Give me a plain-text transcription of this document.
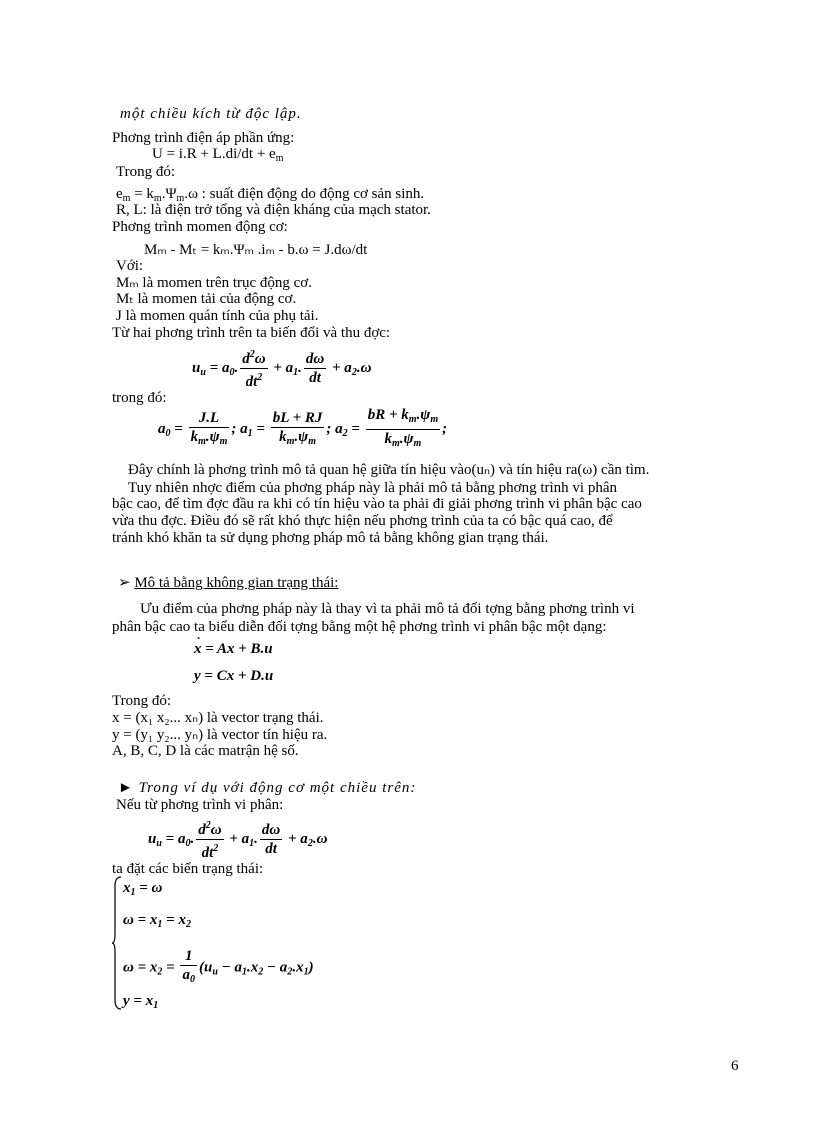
một chiều kích từ độc lập.
Phơng trình điện áp phần ứng:
$U = i.R + L.di/dt + e_m$
Trong đó:
$e_m = k_m.\Psi_m.\omega$ : suất điện động do động cơ sản sinh.
R, L: là điện trở tổng và điện kháng của mạch stator.
Phơng trình momen động cơ:
Mₘ - Mₜ = kₘ.Ψₘ .iₘ - b.ω = J.dω/dt
Với:
Mₘ là momen trên trục động cơ.
Mₜ là momen tải của động cơ.
J là momen quán tính của phụ tải.
Từ hai phơng trình trên ta biến đổi và thu đợc:
$u_u = a_0$. $\frac{d^2\omega}{dt^2} + a_1$. $\frac{d\omega}{dt} + a_2.\omega$
trong đó:
$a_0 = \frac{J.L}{k_m.\psi_m}$ ; $a_1 = \frac{bL + RJ}{k_m.\psi_m}$ ; $a_2 = \frac{bR + k_m.\psi_m}{k_m.\psi_m}$ ;
Đây chính là phơng trình mô tả quan hệ giữa tín hiệu vào(uₙ) và tín hiệu ra(ω) cần tìm.
Tuy nhiên nhợc điểm của phơng pháp này là phải mô tả bằng phơng trình vi phân
bậc cao, để tìm đợc đầu ra khi có tín hiệu vào ta phải đi giải phơng trình vi phân bậc cao
vừa thu đợc. Điều đó sẽ rất khó thực hiện nếu phơng trình của ta có bậc quá cao, để
tránh khó khăn ta sử dụng phơng pháp mô tả bằng không gian trạng thái.
➢ Mô tả bằng không gian trạng thái:
Ưu điểm của phơng pháp này là thay vì ta phải mô tả đối tợng bằng phơng trình vi
phân bậc cao ta biểu diễn đối tợng bằng một hệ phơng trình vi phân bậc một dạng:
x
·
= Ax + B.u
y = Cx + D.u
Trong đó:
x = (x₁ x₂... xₙ) là vector trạng thái.
y = (y₁ y₂... yₙ) là vector tín hiệu ra.
A, B, C, D là các matrận hệ số.
► Trong ví dụ với động cơ một chiều trên:
Nếu từ phơng trình vi phân:
$u_u = a_0$. $\frac{d^2\omega}{dt^2} + a_1$. $\frac{d\omega}{dt} + a_2.\omega$
ta đặt các biến trạng thái:
$x_1 = \omega$
$\omega = x_1 = x_2$
$\omega = x_2 = \frac{1}{a_0} (u_u - a_1.x_2 - a_2.x_1)$
$y = x_1$
6
